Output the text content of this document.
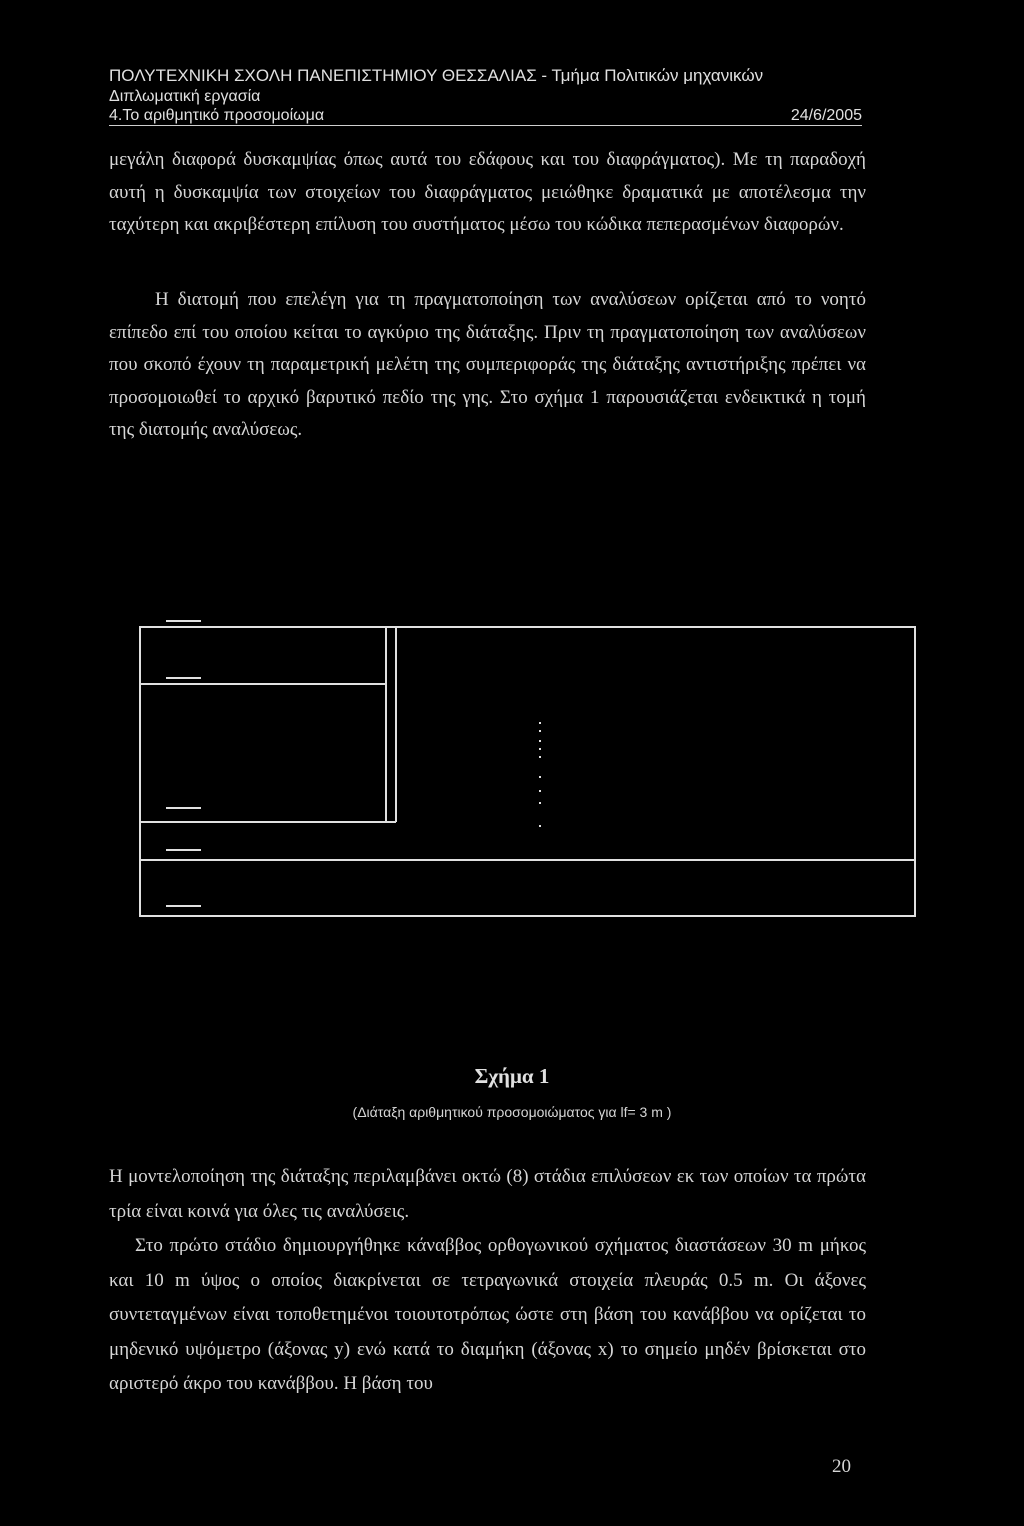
ΠΟΛΥΤΕΧΝΙΚΗ ΣΧΟΛΗ ΠΑΝΕΠΙΣΤΗΜΙΟΥ ΘΕΣΣΑΛΙΑΣ - Τμήμα Πολιτικών μηχανικών
Διπλωματική εργασία
4.Το αριθμητικό προσομοίωμα	24/6/2005
μεγάλη διαφορά δυσκαμψίας όπως αυτά του εδάφους και του διαφράγματος). Με τη παραδοχή αυτή η δυσκαμψία των στοιχείων του διαφράγματος μειώθηκε δραματικά με αποτέλεσμα την ταχύτερη και ακριβέστερη επίλυση του συστήματος μέσω του κώδικα πεπερασμένων διαφορών.
Η διατομή που επελέγη για τη πραγματοποίηση των αναλύσεων ορίζεται από το νοητό επίπεδο επί του οποίου κείται το αγκύριο της διάταξης. Πριν τη πραγματοποίηση των αναλύσεων που σκοπό έχουν τη παραμετρική μελέτη της συμπεριφοράς της διάταξης αντιστήριξης πρέπει να προσομοιωθεί το αρχικό βαρυτικό πεδίο της γης. Στο σχήμα 1 παρουσιάζεται ενδεικτικά η τομή της διατομής αναλύσεως.
Σχήμα 1
(Διάταξη αριθμητικού προσομοιώματος για lf= 3 m )
Η μοντελοποίηση της διάταξης περιλαμβάνει οκτώ (8) στάδια επιλύσεων εκ των οποίων τα πρώτα τρία είναι κοινά για όλες τις αναλύσεις.
Στο πρώτο στάδιο δημιουργήθηκε κάναββος ορθογωνικού σχήματος διαστάσεων 30 m μήκος και 10 m ύψος ο οποίος διακρίνεται σε τετραγωνικά στοιχεία πλευράς 0.5 m. Οι άξονες συντεταγμένων είναι τοποθετημένοι τοιουτοτρόπως ώστε στη βάση του κανάββου να ορίζεται το μηδενικό υψόμετρο (άξονας y) ενώ κατά το διαμήκη (άξονας x) το σημείο μηδέν βρίσκεται στο αριστερό άκρο του κανάββου. Η βάση του
20
